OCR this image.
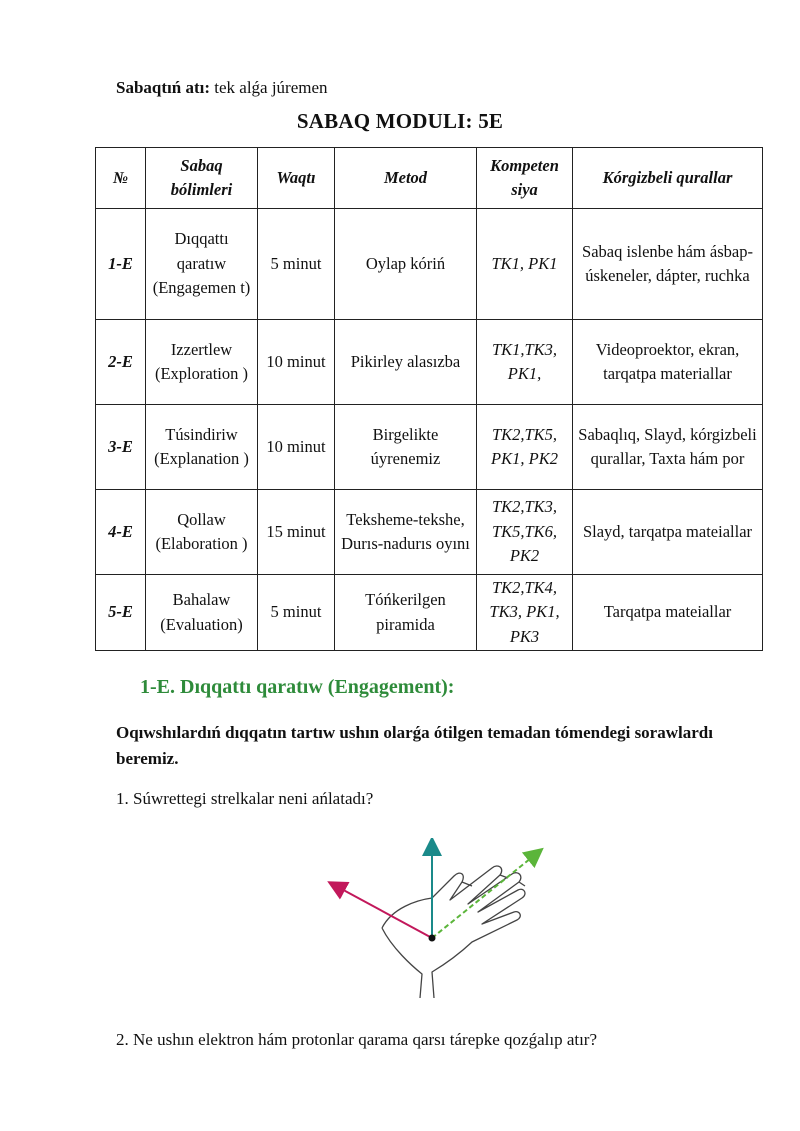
Sabaqtıń atı: tek alǵa júremen
SABAQ MODULI: 5E
№	Sabaq bólimleri	Waqtı	Metod	Kompeten siya	Kórgizbeli qurallar
1-E	Dıqqattı qaratıw (Engagemen t)	5 minut	Oylap kóriń	TK1, PK1	Sabaq islenbe hám ásbap-úskeneler, dápter, ruchka
2-E	Izzertlew (Exploration )	10 minut	Pikirley alasızba	TK1,TK3, PK1,	Videoproektor, ekran, tarqatpa materiallar
3-E	Túsindiriw (Explanation )	10 minut	Birgelikte úyrenemiz	TK2,TK5, PK1, PK2	Sabaqlıq, Slayd, kórgizbeli qurallar, Taxta hám por
4-E	Qollaw (Elaboration )	15 minut	Teksheme-tekshe, Durıs-nadurıs oyını	TK2,TK3, TK5,TK6, PK2	Slayd, tarqatpa mateiallar
5-E	Bahalaw (Evaluation)	5 minut	Tóńkerilgen piramida	TK2,TK4, TK3, PK1, PK3	Tarqatpa mateiallar
1-E. Dıqqattı qaratıw (Engagement):
Oqıwshılardıń dıqqatın tartıw ushın olarǵa ótilgen temadan tómendegi sorawlardı beremiz.
1. Súwrettegi strelkalar neni ańlatadı?
2. Ne ushın elektron hám protonlar qarama qarsı tárepke qozǵalıp atır?
